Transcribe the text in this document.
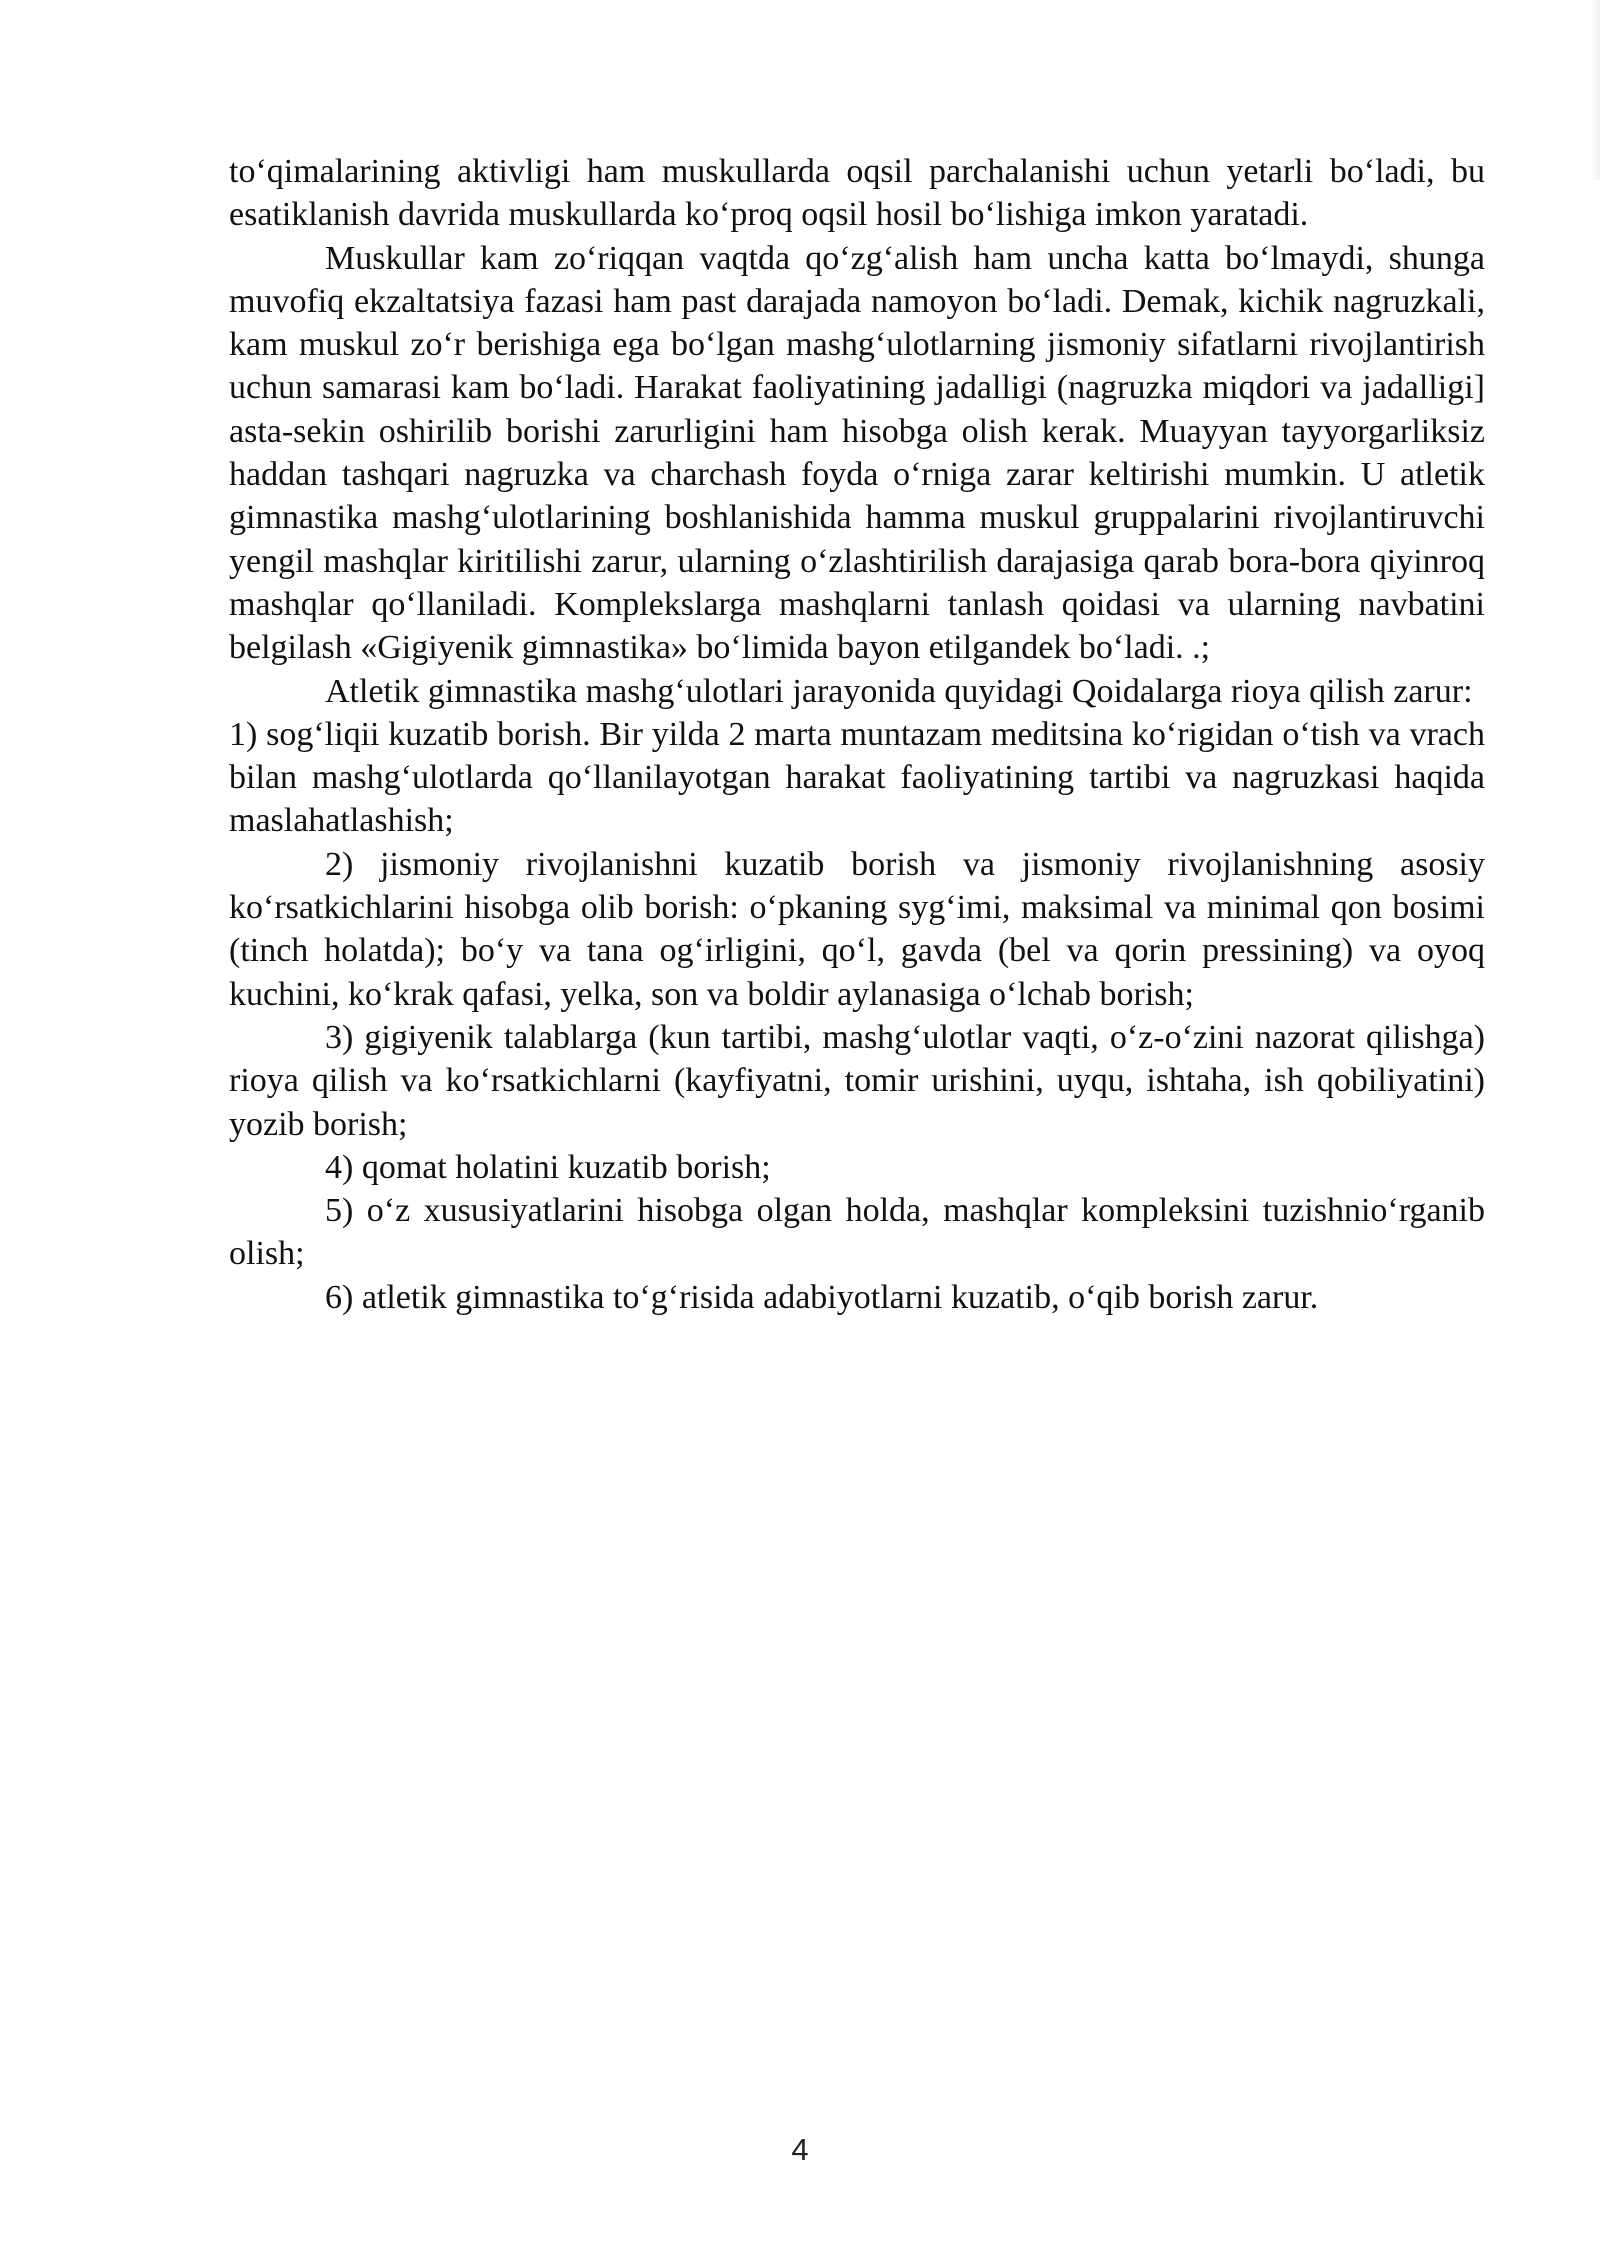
to‘qimalarining aktivligi ham muskullarda oqsil parchalanishi uchun yetarli bo‘ladi, bu esatiklanish davrida muskullarda ko‘proq oqsil hosil bo‘lishiga imkon yaratadi.

Muskullar kam zo‘riqqan vaqtda qo‘zg‘alish ham uncha katta bo‘lmaydi, shunga muvofiq ekzaltatsiya fazasi ham past darajada namoyon bo‘ladi. Demak, kichik nagruzkali, kam muskul zo‘r berishiga ega bo‘lgan mashg‘ulotlarning jismoniy sifatlarni rivojlantirish uchun samarasi kam bo‘ladi. Harakat faoliyatining jadalligi (nagruzka miqdori va jadalligi] asta-sekin oshirilib borishi zarurligini ham hisobga olish kerak. Muayyan tayyorgarliksiz haddan tashqari nagruzka va charchash foyda o‘rniga zarar keltirishi mumkin. U atletik gimnastika mashg‘ulotlarining boshlanishida hamma muskul gruppalarini rivojlantiruvchi yengil mashqlar kiritilishi zarur, ularning o‘zlashtirilish darajasiga qarab bora-bora qiyinroq mashqlar qo‘llaniladi. Komplekslarga mashqlarni tanlash qoidasi va ularning navbatini belgilash «Gigiyenik gimnastika» bo‘limida bayon etilgandek bo‘ladi. .;

Atletik gimnastika mashg‘ulotlari jarayonida quyidagi Qoidalarga rioya qilish zarur:

1) sog‘liqii kuzatib borish. Bir yilda 2 marta muntazam meditsina ko‘rigidan o‘tish va vrach bilan mashg‘ulotlarda qo‘llanilayotgan harakat faoliyatining tartibi va nagruzkasi haqida maslahatlashish;

2) jismoniy rivojlanishni kuzatib borish va jismoniy rivojlanishning asosiy ko‘rsatkichlarini hisobga olib borish: o‘pkaning syg‘imi, maksimal va minimal qon bosimi (tinch holatda); bo‘y va tana og‘irligini, qo‘l, gavda (bel va qorin pressining) va oyoq kuchini, ko‘krak qafasi, yelka, son va boldir aylanasiga o‘lchab borish;

3) gigiyenik talablarga (kun tartibi, mashg‘ulotlar vaqti, o‘z-o‘zini nazorat qilishga) rioya qilish va ko‘rsatkichlarni (kayfiyatni, tomir urishini, uyqu, ishtaha, ish qobiliyatini) yozib borish;

4) qomat holatini kuzatib borish;

5) o‘z xususiyatlarini hisobga olgan holda, mashqlar kompleksini tuzishnio‘rganib olish;

6) atletik gimnastika to‘g‘risida adabiyotlarni kuzatib, o‘qib borish zarur.

4
